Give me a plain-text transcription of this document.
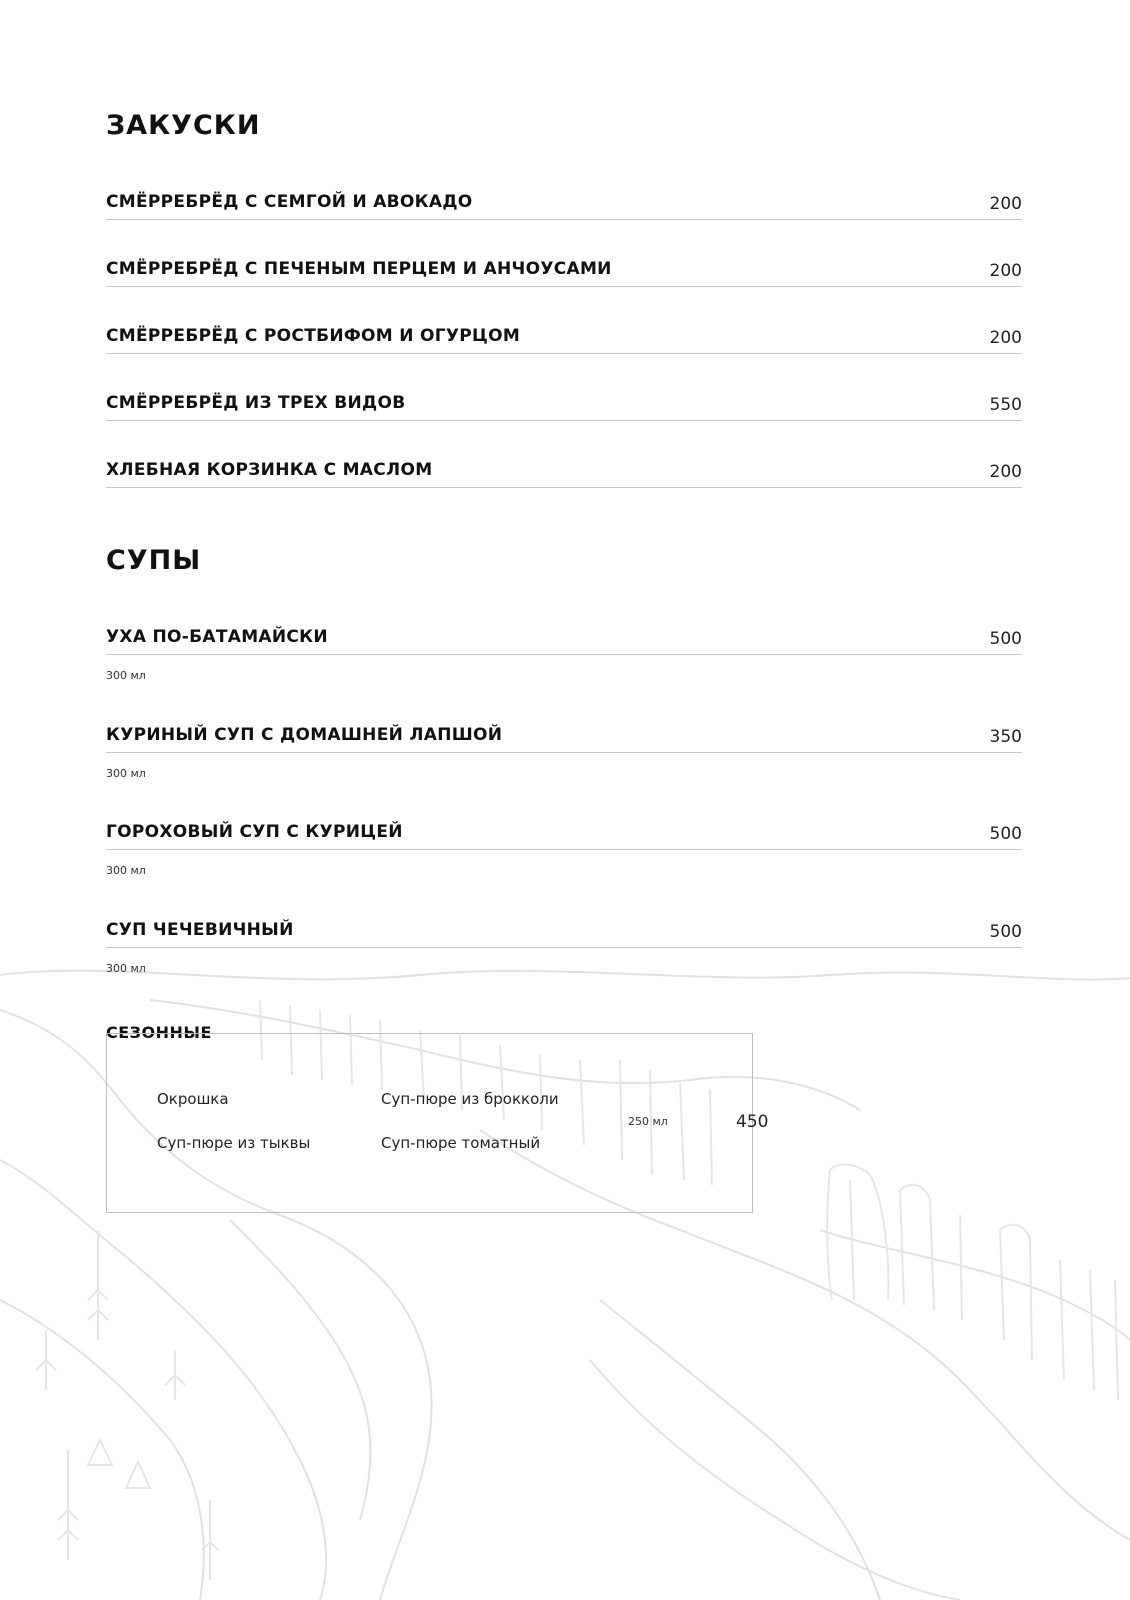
ЗАКУСКИ
СМЁРРЕБРЁД С СЕМГОЙ И АВОКАДО	200
СМЁРРЕБРЁД С ПЕЧЕНЫМ ПЕРЦЕМ И АНЧОУСАМИ	200
СМЁРРЕБРЁД С РОСТБИФОМ И ОГУРЦОМ	200
СМЁРРЕБРЁД ИЗ ТРЕХ ВИДОВ	550
ХЛЕБНАЯ КОРЗИНКА С МАСЛОМ	200
СУПЫ
УХА ПО-БАТАМАЙСКИ	500
300 мл
КУРИНЫЙ СУП С ДОМАШНЕЙ ЛАПШОЙ	350
300 мл
ГОРОХОВЫЙ СУП С КУРИЦЕЙ	500
300 мл
СУП ЧЕЧЕВИЧНЫЙ	500
300 мл
СЕЗОННЫЕ
Окрошка	Суп-пюре из брокколи
Суп-пюре из тыквы	Суп-пюре томатный
250 мл	450
